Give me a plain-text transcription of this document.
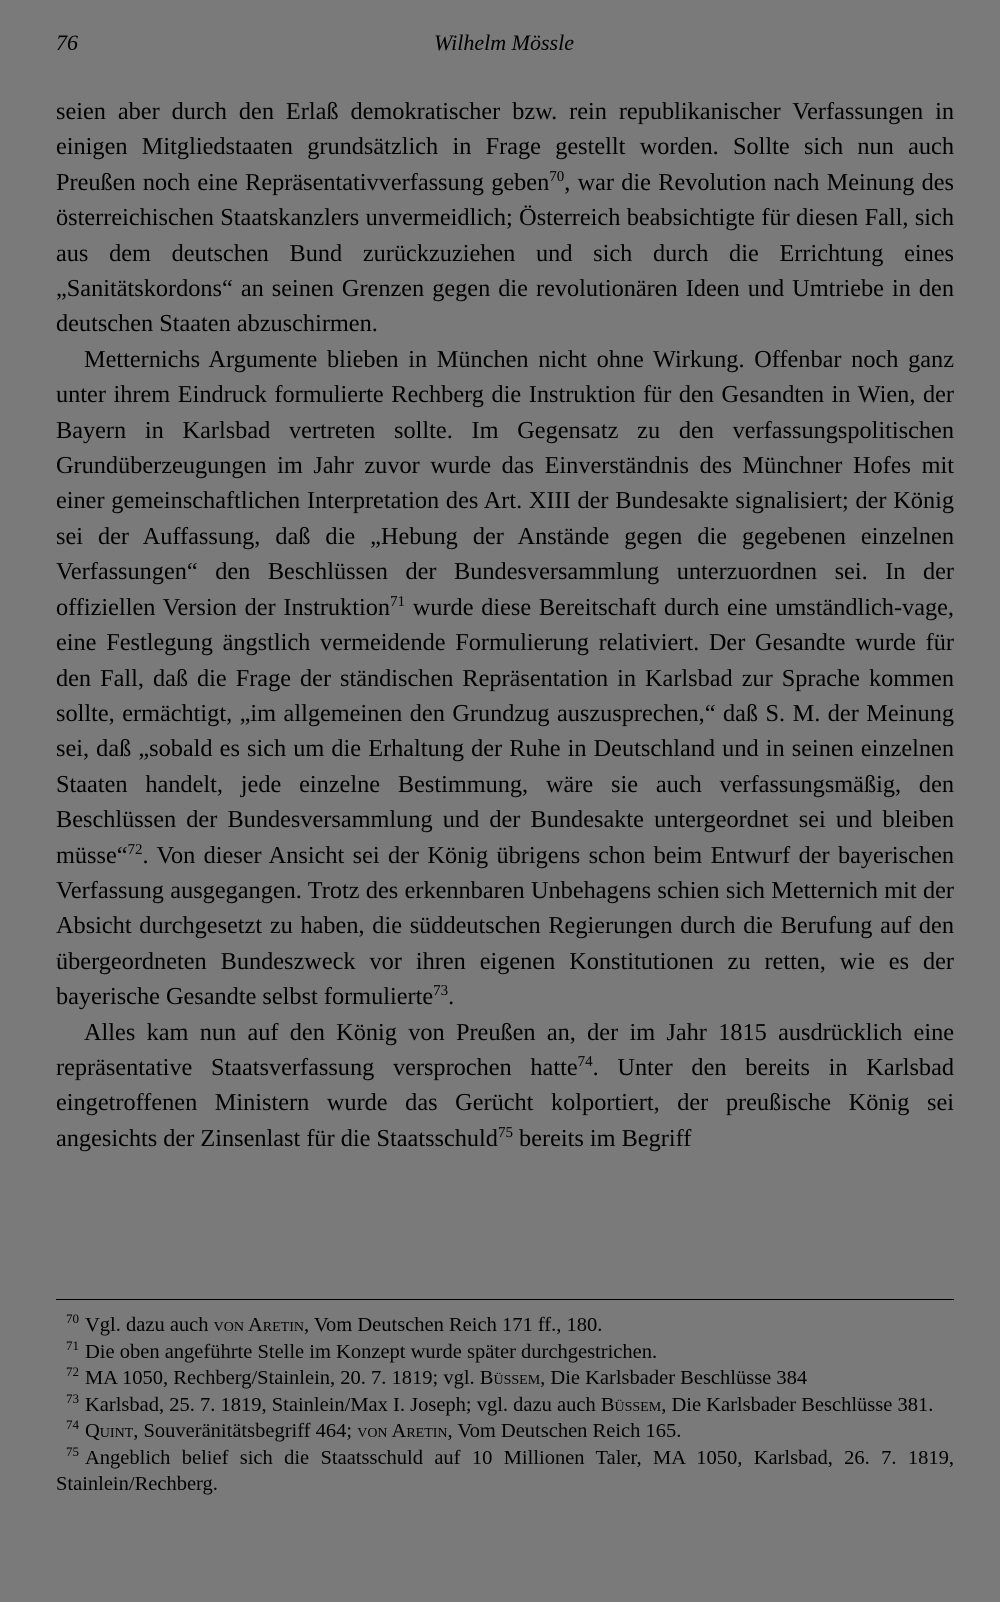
76	Wilhelm Mössle

seien aber durch den Erlaß demokratischer bzw. rein republikanischer Verfassungen in einigen Mitgliedstaaten grundsätzlich in Frage gestellt worden. Sollte sich nun auch Preußen noch eine Repräsentativverfassung geben$^{70}$, war die Revolution nach Meinung des österreichischen Staatskanzlers unvermeidlich; Österreich beabsichtigte für diesen Fall, sich aus dem deutschen Bund zurückzuziehen und sich durch die Errichtung eines „Sanitätskordons“ an seinen Grenzen gegen die revolutionären Ideen und Umtriebe in den deutschen Staaten abzuschirmen.

Metternichs Argumente blieben in München nicht ohne Wirkung. Offenbar noch ganz unter ihrem Eindruck formulierte Rechberg die Instruktion für den Gesandten in Wien, der Bayern in Karlsbad vertreten sollte. Im Gegensatz zu den verfassungspolitischen Grundüberzeugungen im Jahr zuvor wurde das Einverständnis des Münchner Hofes mit einer gemeinschaftlichen Interpretation des Art. XIII der Bundesakte signalisiert; der König sei der Auffassung, daß die „Hebung der Anstände gegen die gegebenen einzelnen Verfassungen“ den Beschlüssen der Bundesversammlung unterzuordnen sei. In der offiziellen Version der Instruktion$^{71}$ wurde diese Bereitschaft durch eine umständlich-vage, eine Festlegung ängstlich vermeidende Formulierung relativiert. Der Gesandte wurde für den Fall, daß die Frage der ständischen Repräsentation in Karlsbad zur Sprache kommen sollte, ermächtigt, „im allgemeinen den Grundzug auszusprechen,“ daß S. M. der Meinung sei, daß „sobald es sich um die Erhaltung der Ruhe in Deutschland und in seinen einzelnen Staaten handelt, jede einzelne Bestimmung, wäre sie auch verfassungsmäßig, den Beschlüssen der Bundesversammlung und der Bundesakte untergeordnet sei und bleiben müsse“$^{72}$. Von dieser Ansicht sei der König übrigens schon beim Entwurf der bayerischen Verfassung ausgegangen. Trotz des erkennbaren Unbehagens schien sich Metternich mit der Absicht durchgesetzt zu haben, die süddeutschen Regierungen durch die Berufung auf den übergeordneten Bundeszweck vor ihren eigenen Konstitutionen zu retten, wie es der bayerische Gesandte selbst formulierte$^{73}$.

Alles kam nun auf den König von Preußen an, der im Jahr 1815 ausdrücklich eine repräsentative Staatsverfassung versprochen hatte$^{74}$. Unter den bereits in Karlsbad eingetroffenen Ministern wurde das Gerücht kolportiert, der preußische König sei angesichts der Zinsenlast für die Staatsschuld$^{75}$ bereits im Begriff

$^{70}$ Vgl. dazu auch von Aretin, Vom Deutschen Reich 171 ff., 180.

$^{71}$ Die oben angeführte Stelle im Konzept wurde später durchgestrichen.

$^{72}$ MA 1050, Rechberg/Stainlein, 20. 7. 1819; vgl. Büssem, Die Karlsbader Beschlüsse 384

$^{73}$ Karlsbad, 25. 7. 1819, Stainlein/Max I. Joseph; vgl. dazu auch Büssem, Die Karlsbader Beschlüsse 381.

$^{74}$ Quint, Souveränitätsbegriff 464; von Aretin, Vom Deutschen Reich 165.

$^{75}$ Angeblich belief sich die Staatsschuld auf 10 Millionen Taler, MA 1050, Karlsbad, 26. 7. 1819, Stainlein/Rechberg.
